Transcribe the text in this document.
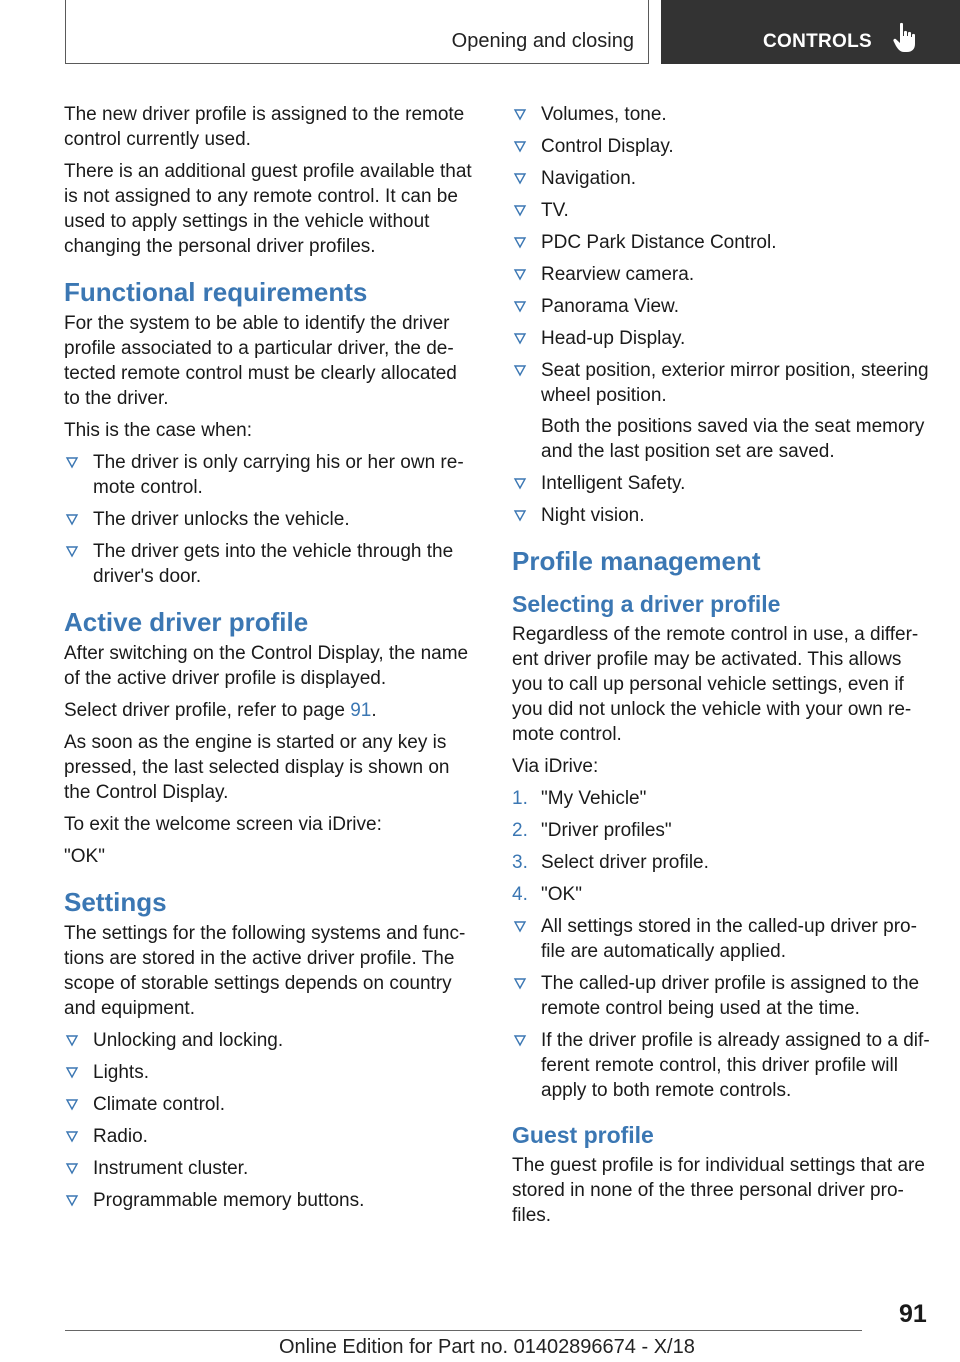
Opening and closing	CONTROLS

The new driver profile is assigned to the remote control currently used.

There is an additional guest profile available that is not assigned to any remote control. It can be used to apply settings in the vehicle without changing the personal driver profiles.

Functional requirements

For the system to be able to identify the driver profile associated to a particular driver, the detected remote control must be clearly allocated to the driver.

This is the case when:

The driver is only carrying his or her own remote control.
The driver unlocks the vehicle.
The driver gets into the vehicle through the driver's door.
Active driver profile

After switching on the Control Display, the name of the active driver profile is displayed.

Select driver profile, refer to page 91.

As soon as the engine is started or any key is pressed, the last selected display is shown on the Control Display.

To exit the welcome screen via iDrive:

"OK"

Settings

The settings for the following systems and functions are stored in the active driver profile. The scope of storable settings depends on country and equipment.

Unlocking and locking.
Lights.
Climate control.
Radio.
Instrument cluster.
Programmable memory buttons.
Volumes, tone.
Control Display.
Navigation.
TV.
PDC Park Distance Control.
Rearview camera.
Panorama View.
Head-up Display.
Seat position, exterior mirror position, steering wheel position.
Both the positions saved via the seat memory and the last position set are saved.
Intelligent Safety.
Night vision.
Profile management
Selecting a driver profile

Regardless of the remote control in use, a different driver profile may be activated. This allows you to call up personal vehicle settings, even if you did not unlock the vehicle with your own remote control.

Via iDrive:

1. "My Vehicle"
2. "Driver profiles"
3. Select driver profile.
4. "OK"
All settings stored in the called-up driver profile are automatically applied.
The called-up driver profile is assigned to the remote control being used at the time.
If the driver profile is already assigned to a different remote control, this driver profile will apply to both remote controls.
Guest profile

The guest profile is for individual settings that are stored in none of the three personal driver profiles.

91
Online Edition for Part no. 01402896674 - X/18
